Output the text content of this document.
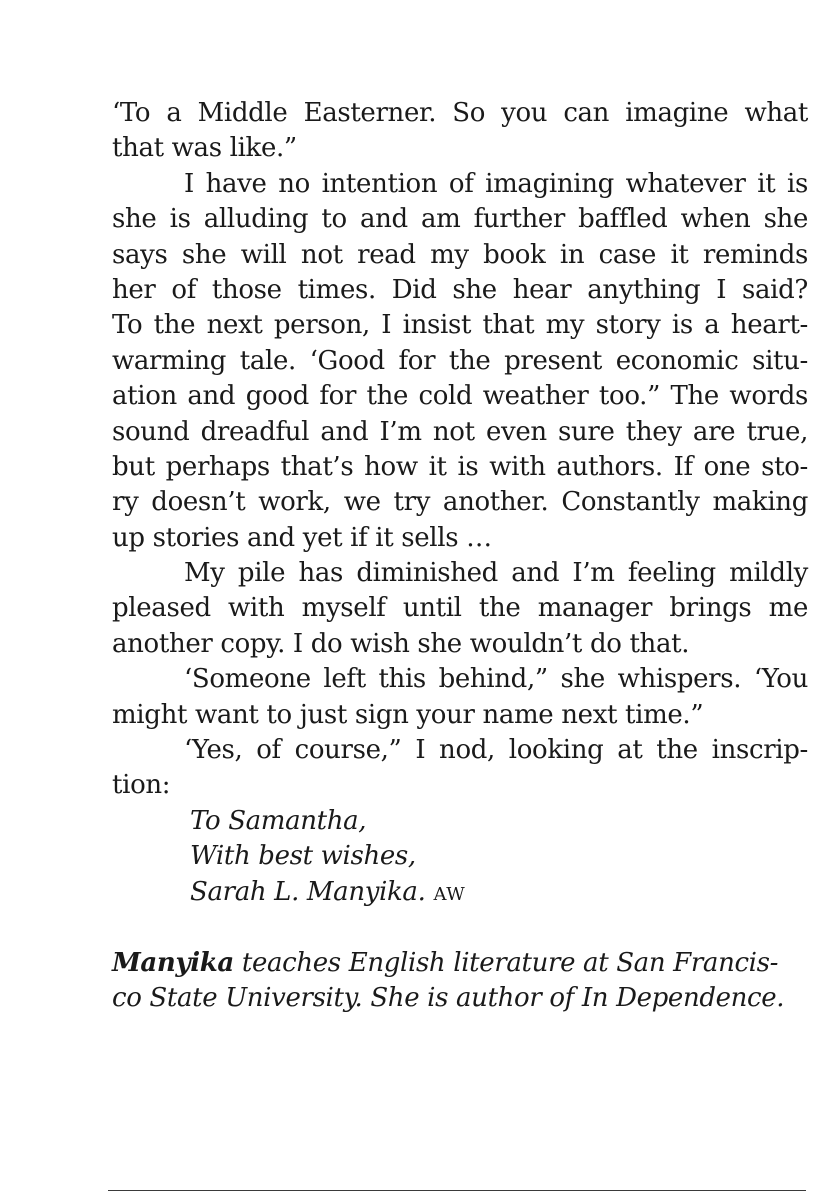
‘To a Middle Easterner. So you can imagine what
that was like.”
I have no intention of imagining whatever it is
she is alluding to and am further baffled when she
says she will not read my book in case it reminds
her of those times. Did she hear anything I said?
To the next person, I insist that my story is a heart-
warming tale. ‘Good for the present economic situ-
ation and good for the cold weather too.” The words
sound dreadful and I’m not even sure they are true,
but perhaps that’s how it is with authors. If one sto-
ry doesn’t work, we try another. Constantly making
up stories and yet if it sells …
My pile has diminished and I’m feeling mildly
pleased with myself until the manager brings me
another copy. I do wish she wouldn’t do that.
‘Someone left this behind,” she whispers. ‘You
might want to just sign your name next time.”
‘Yes, of course,” I nod, looking at the inscrip-
tion:
To Samantha,
With best wishes,
Sarah L. Manyika. AW
Manyika teaches English literature at San Francis-
co State University. She is author of In Dependence.
